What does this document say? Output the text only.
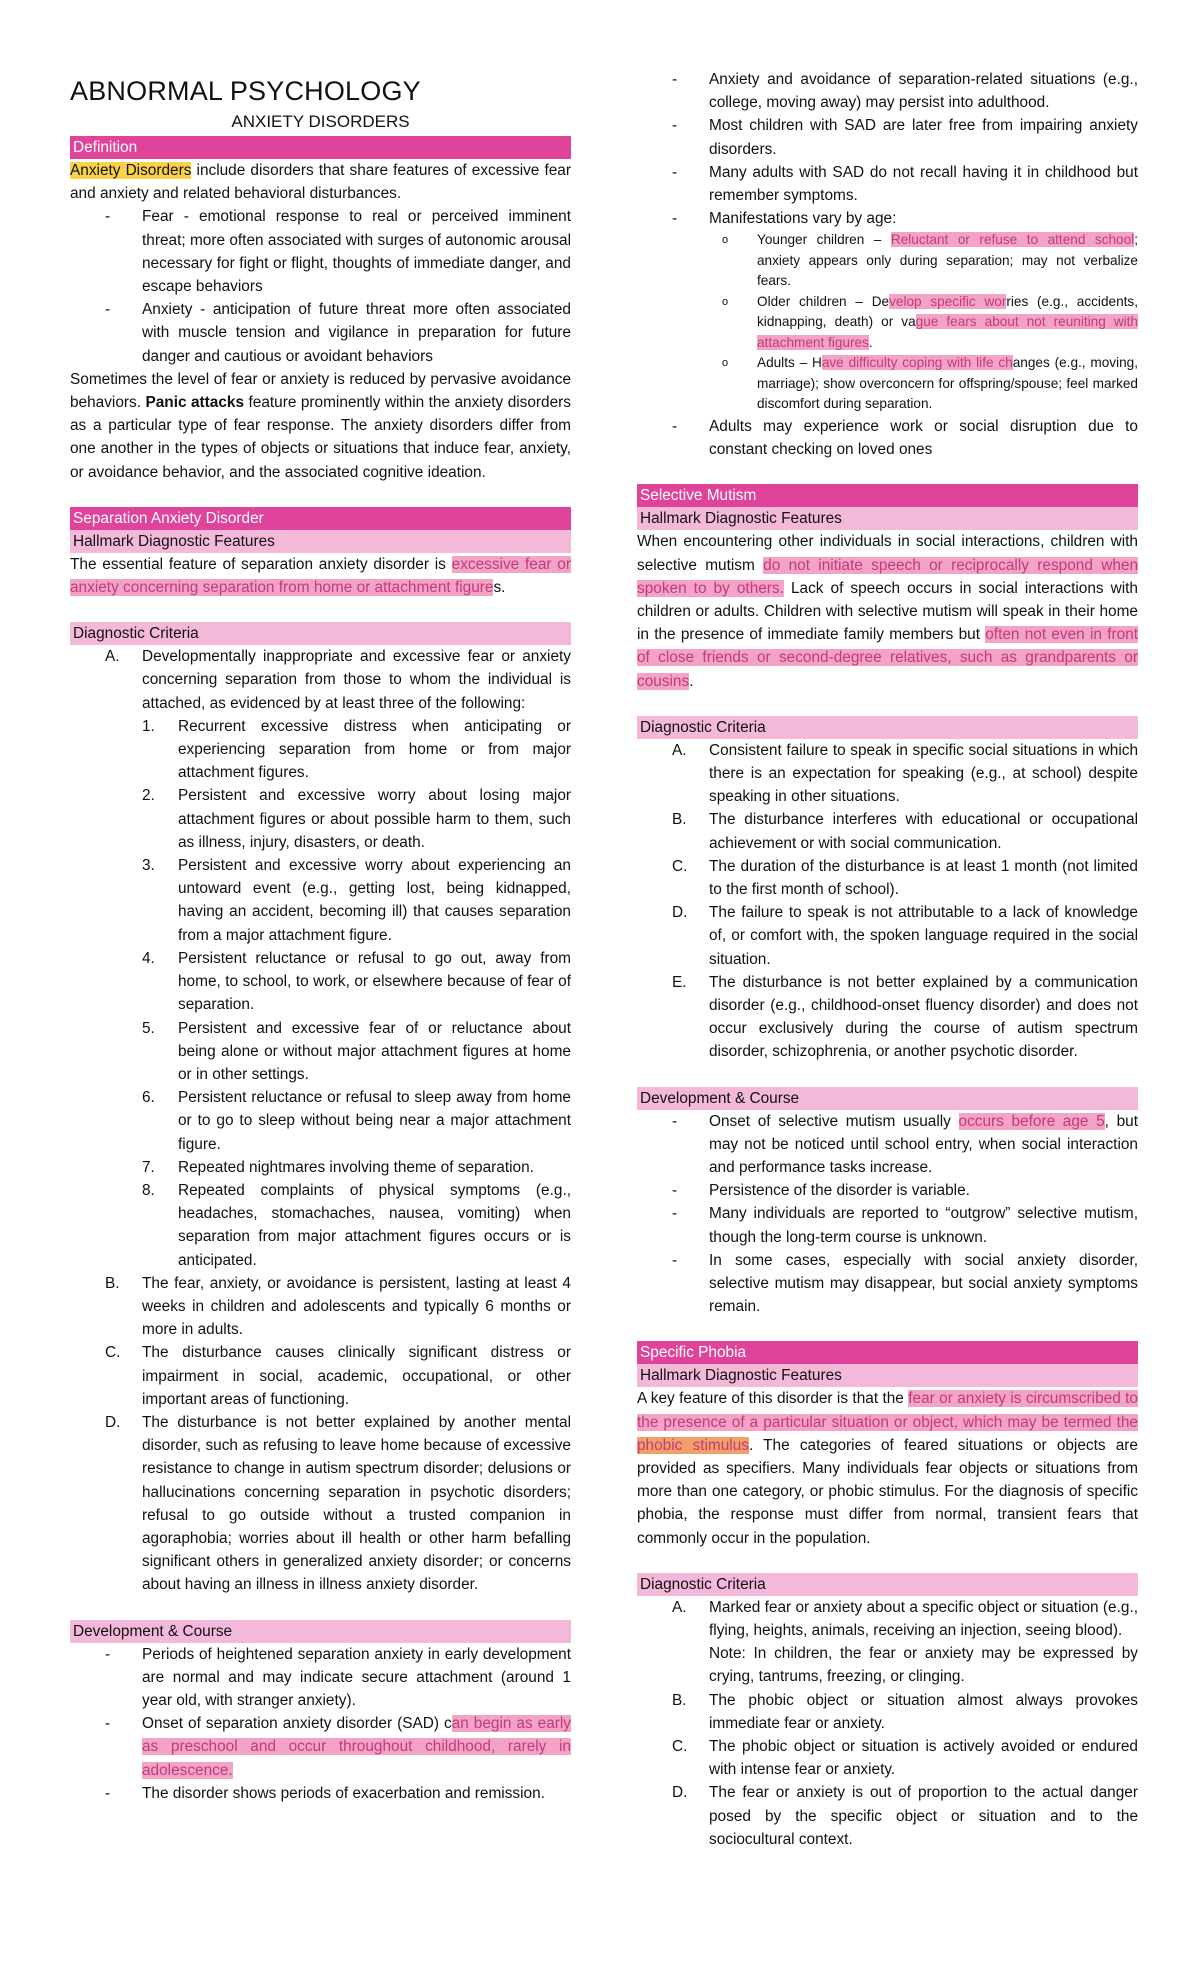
ABNORMAL PSYCHOLOGY
ANXIETY DISORDERS
Definition

Anxiety Disorders include disorders that share features of excessive fear and anxiety and related behavioral disturbances.

- Fear - emotional response to real or perceived imminent threat; more often associated with surges of autonomic arousal necessary for fight or flight, thoughts of immediate danger, and escape behaviors
- Anxiety - anticipation of future threat more often associated with muscle tension and vigilance in preparation for future danger and cautious or avoidant behaviors

Sometimes the level of fear or anxiety is reduced by pervasive avoidance behaviors. Panic attacks feature prominently within the anxiety disorders as a particular type of fear response. The anxiety disorders differ from one another in the types of objects or situations that induce fear, anxiety, or avoidance behavior, and the associated cognitive ideation.

Separation Anxiety Disorder
Hallmark Diagnostic Features

The essential feature of separation anxiety disorder is excessive fear or anxiety concerning separation from home or attachment figures.

Diagnostic Criteria
A. Developmentally inappropriate and excessive fear or anxiety concerning separation from those to whom the individual is attached, as evidenced by at least three of the following:
1. Recurrent excessive distress when anticipating or experiencing separation from home or from major attachment figures.
2. Persistent and excessive worry about losing major attachment figures or about possible harm to them, such as illness, injury, disasters, or death.
3. Persistent and excessive worry about experiencing an untoward event (e.g., getting lost, being kidnapped, having an accident, becoming ill) that causes separation from a major attachment figure.
4. Persistent reluctance or refusal to go out, away from home, to school, to work, or elsewhere because of fear of separation.
5. Persistent and excessive fear of or reluctance about being alone or without major attachment figures at home or in other settings.
6. Persistent reluctance or refusal to sleep away from home or to go to sleep without being near a major attachment figure.
7. Repeated nightmares involving theme of separation.
8. Repeated complaints of physical symptoms (e.g., headaches, stomachaches, nausea, vomiting) when separation from major attachment figures occurs or is anticipated.
B. The fear, anxiety, or avoidance is persistent, lasting at least 4 weeks in children and adolescents and typically 6 months or more in adults.
C. The disturbance causes clinically significant distress or impairment in social, academic, occupational, or other important areas of functioning.
D. The disturbance is not better explained by another mental disorder, such as refusing to leave home because of excessive resistance to change in autism spectrum disorder; delusions or hallucinations concerning separation in psychotic disorders; refusal to go outside without a trusted companion in agoraphobia; worries about ill health or other harm befalling significant others in generalized anxiety disorder; or concerns about having an illness in illness anxiety disorder.
Development & Course
- Periods of heightened separation anxiety in early development are normal and may indicate secure attachment (around 1 year old, with stranger anxiety).
- Onset of separation anxiety disorder (SAD) can begin as early as preschool and occur throughout childhood, rarely in adolescence.
- The disorder shows periods of exacerbation and remission.
- Anxiety and avoidance of separation-related situations (e.g., college, moving away) may persist into adulthood.
- Most children with SAD are later free from impairing anxiety disorders.
- Many adults with SAD do not recall having it in childhood but remember symptoms.
- Manifestations vary by age:
o Younger children – Reluctant or refuse to attend school; anxiety appears only during separation; may not verbalize fears.
o Older children – Develop specific worries (e.g., accidents, kidnapping, death) or vague fears about not reuniting with attachment figures.
o Adults – Have difficulty coping with life changes (e.g., moving, marriage); show overconcern for offspring/spouse; feel marked discomfort during separation.
- Adults may experience work or social disruption due to constant checking on loved ones
Selective Mutism
Hallmark Diagnostic Features

When encountering other individuals in social interactions, children with selective mutism do not initiate speech or reciprocally respond when spoken to by others. Lack of speech occurs in social interactions with children or adults. Children with selective mutism will speak in their home in the presence of immediate family members but often not even in front of close friends or second-degree relatives, such as grandparents or cousins.

Diagnostic Criteria
A. Consistent failure to speak in specific social situations in which there is an expectation for speaking (e.g., at school) despite speaking in other situations.
B. The disturbance interferes with educational or occupational achievement or with social communication.
C. The duration of the disturbance is at least 1 month (not limited to the first month of school).
D. The failure to speak is not attributable to a lack of knowledge of, or comfort with, the spoken language required in the social situation.
E. The disturbance is not better explained by a communication disorder (e.g., childhood-onset fluency disorder) and does not occur exclusively during the course of autism spectrum disorder, schizophrenia, or another psychotic disorder.
Development & Course
- Onset of selective mutism usually occurs before age 5, but may not be noticed until school entry, when social interaction and performance tasks increase.
- Persistence of the disorder is variable.
- Many individuals are reported to “outgrow” selective mutism, though the long-term course is unknown.
- In some cases, especially with social anxiety disorder, selective mutism may disappear, but social anxiety symptoms remain.
Specific Phobia
Hallmark Diagnostic Features

A key feature of this disorder is that the fear or anxiety is circumscribed to the presence of a particular situation or object, which may be termed the phobic stimulus. The categories of feared situations or objects are provided as specifiers. Many individuals fear objects or situations from more than one category, or phobic stimulus. For the diagnosis of specific phobia, the response must differ from normal, transient fears that commonly occur in the population.

Diagnostic Criteria
A. Marked fear or anxiety about a specific object or situation (e.g., flying, heights, animals, receiving an injection, seeing blood).
Note: In children, the fear or anxiety may be expressed by crying, tantrums, freezing, or clinging.
B. The phobic object or situation almost always provokes immediate fear or anxiety.
C. The phobic object or situation is actively avoided or endured with intense fear or anxiety.
D. The fear or anxiety is out of proportion to the actual danger posed by the specific object or situation and to the sociocultural context.
